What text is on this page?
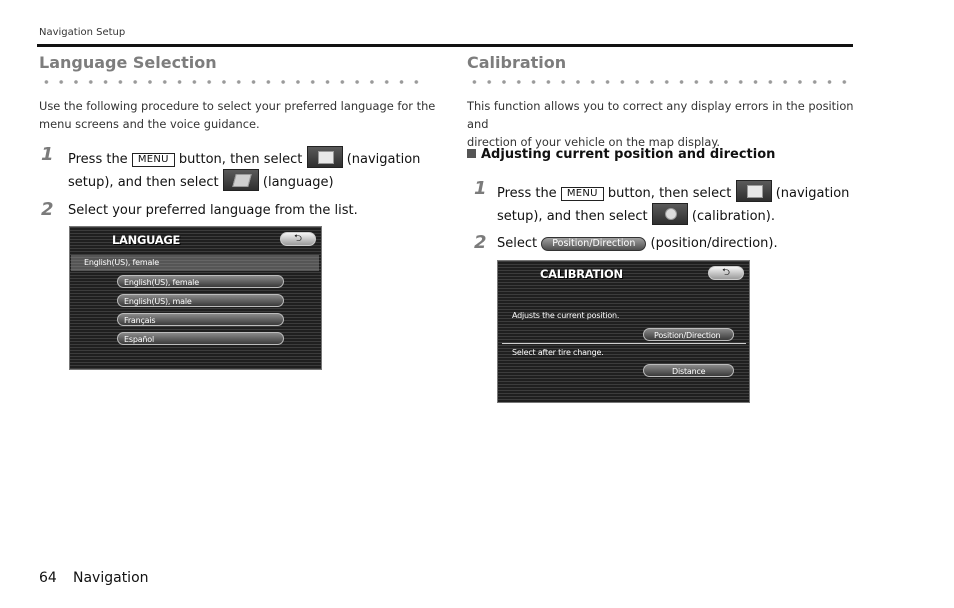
Navigation Setup
Language Selection
Use the following procedure to select your preferred language for the
menu screens and the voice guidance.
1 Press the MENU button, then select	(navigation
setup), and then select	(language)
2 Select your preferred language from the list.
LANGUAGE	⮌
English(US), female
English(US), female
English(US), male
Français
Español
Calibration
This function allows you to correct any display errors in the position and
direction of your vehicle on the map display.
Adjusting current position and direction
1 Press the MENU button, then select	(navigation
setup), and then select	(calibration).
2 Select Position/Direction (position/direction).
CALIBRATION	⮌
Adjusts the current position.
Position/Direction
Select after tire change.
Distance
64 Navigation
